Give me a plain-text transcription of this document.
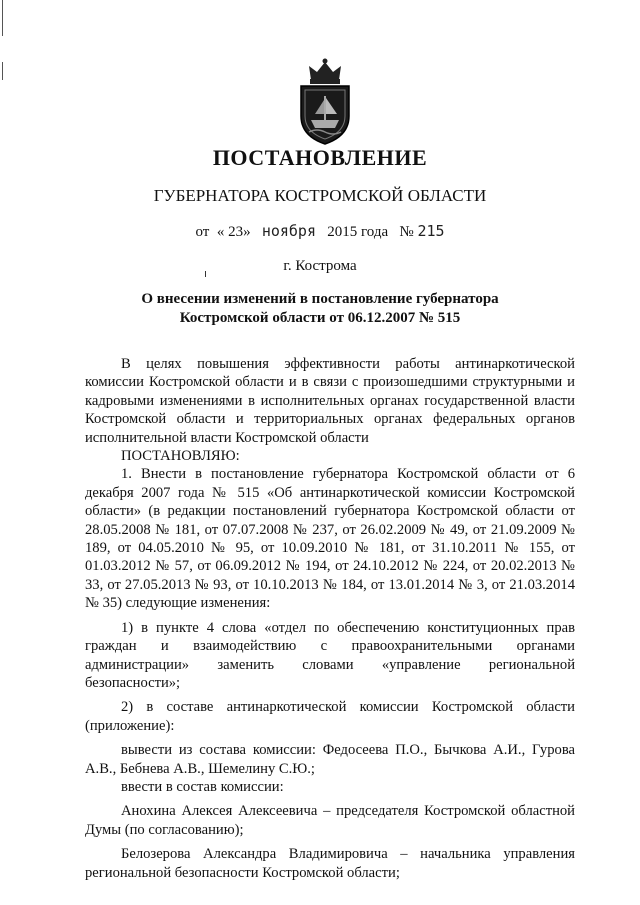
ПОСТАНОВЛЕНИЕ
ГУБЕРНАТОРА КОСТРОМСКОЙ ОБЛАСТИ
от « 23» ноября 2015 года № 215
г. Кострома
О внесении изменений в постановление губернатора
Костромской области от 06.12.2007 № 515

В целях повышения эффективности работы антинаркотической комиссии Костромской области и в связи с произошедшими структурными и кадровыми изменениями в исполнительных органах государственной власти Костромской области и территориальных органах федеральных органов исполнительной власти Костромской области

ПОСТАНОВЛЯЮ:

1. Внести в постановление губернатора Костромской области от 6 декабря 2007 года № 515 «Об антинаркотической комиссии Костромской области» (в редакции постановлений губернатора Костромской области от 28.05.2008 № 181, от 07.07.2008 № 237, от 26.02.2009 № 49, от 21.09.2009 № 189, от 04.05.2010 № 95, от 10.09.2010 № 181, от 31.10.2011 № 155, от 01.03.2012 № 57, от 06.09.2012 № 194, от 24.10.2012 № 224, от 20.02.2013 № 33, от 27.05.2013 № 93, от 10.10.2013 № 184, от 13.01.2014 № 3, от 21.03.2014 № 35) следующие изменения:

1) в пункте 4 слова «отдел по обеспечению конституционных прав граждан и взаимодействию с правоохранительными органами администрации» заменить словами «управление региональной безопасности»;

2) в составе антинаркотической комиссии Костромской области (приложение):

вывести из состава комиссии: Федосеева П.О., Бычкова А.И., Гурова А.В., Бебнева А.В., Шемелину С.Ю.;

ввести в состав комиссии:

Анохина Алексея Алексеевича – председателя Костромской областной Думы (по согласованию);

Белозерова Александра Владимировича – начальника управления региональной безопасности Костромской области;
